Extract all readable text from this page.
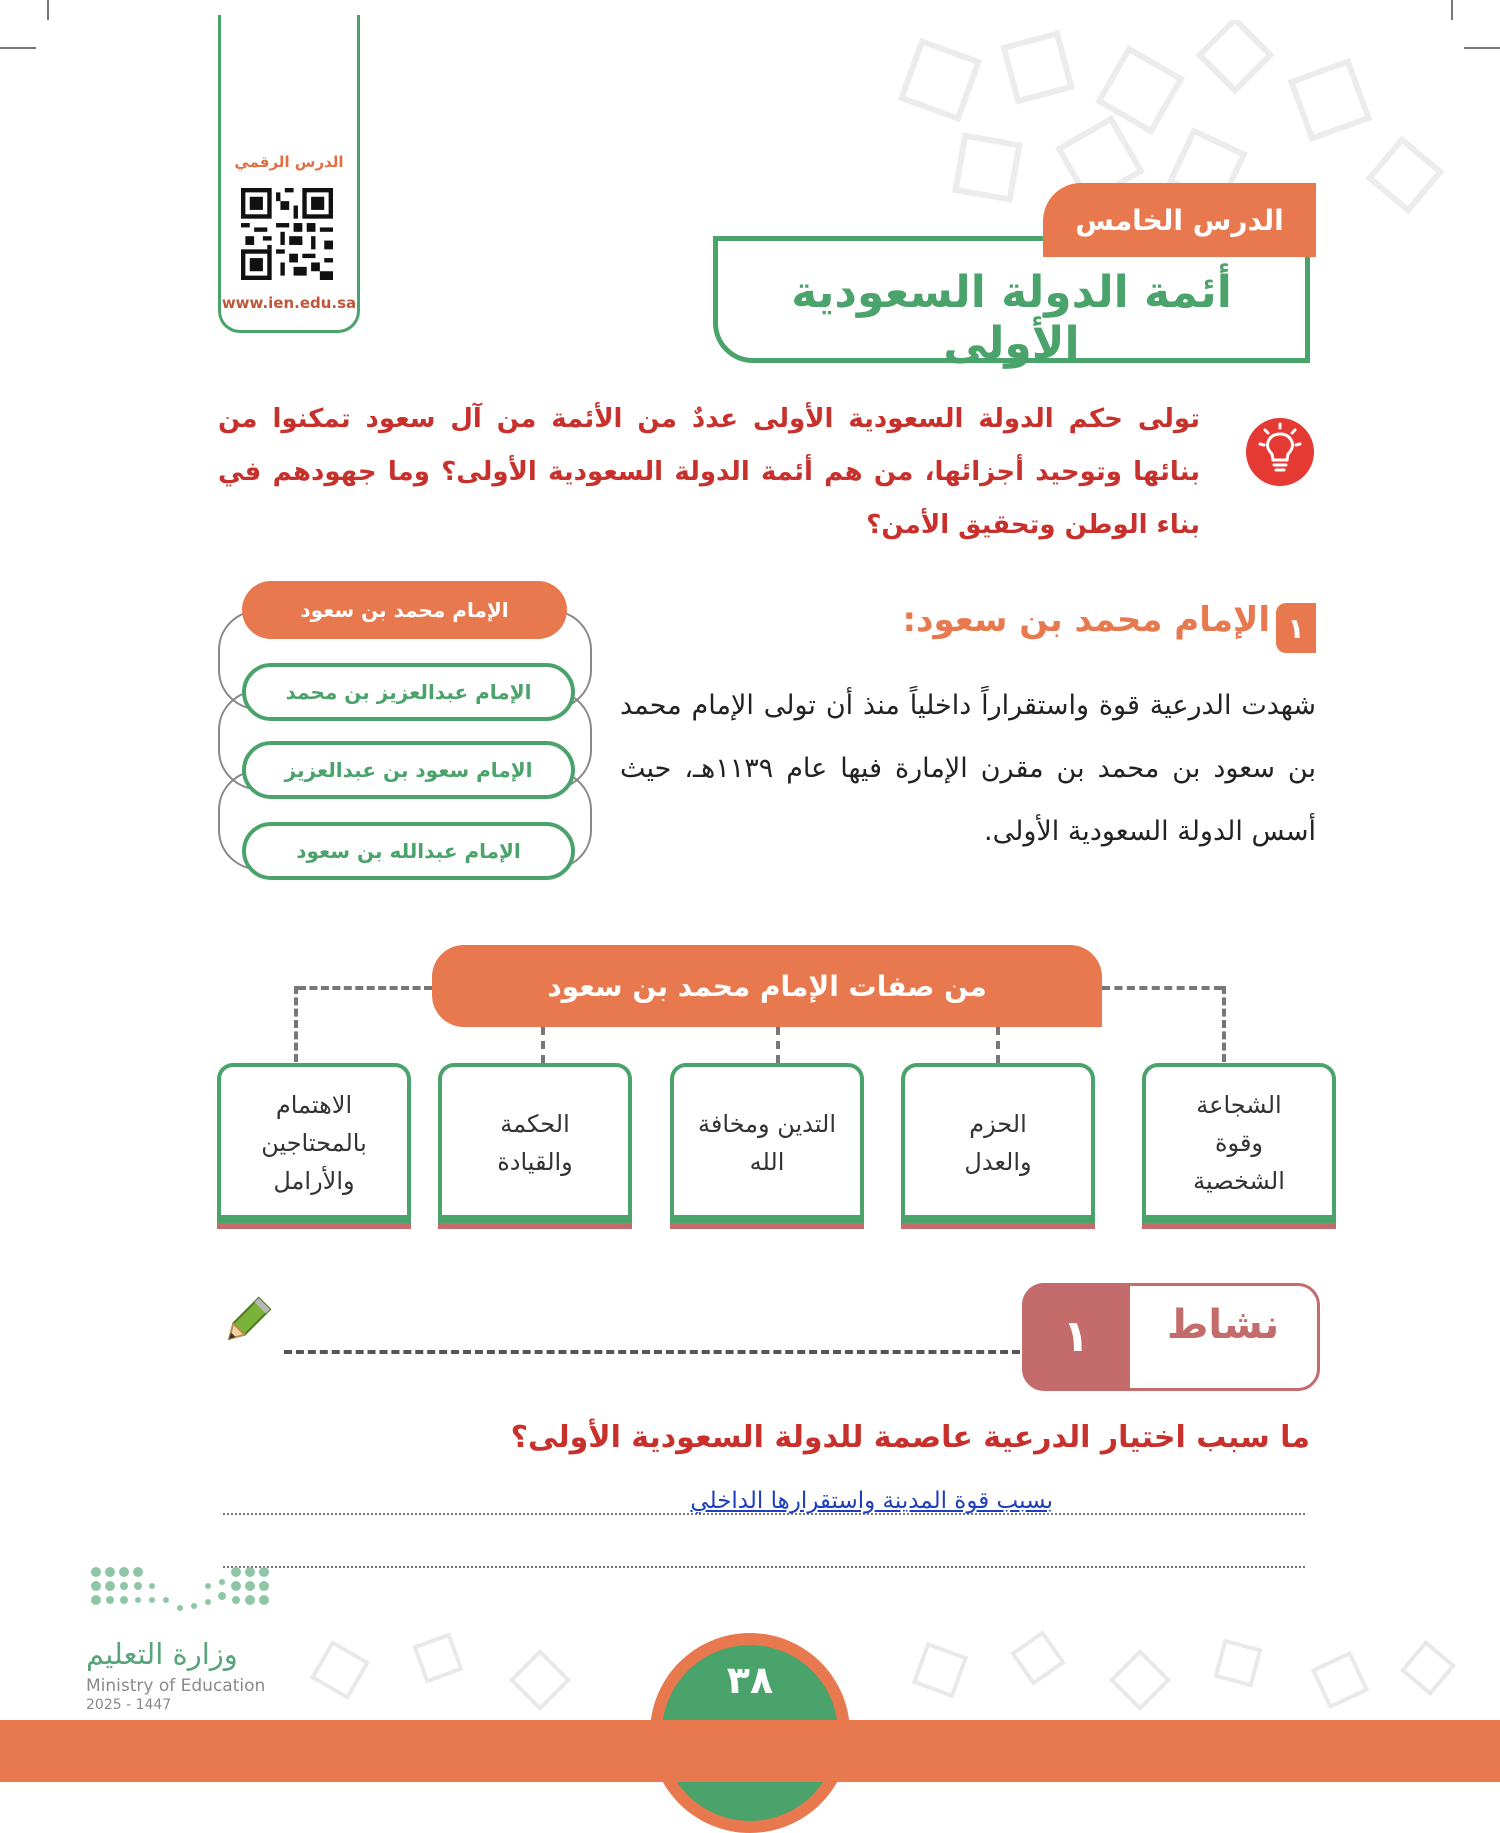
الدرس الرقمي
www.ien.edu.sa	أئمة الدولة السعودية الأولى
الدرس الخامس
تولى حكم الدولة السعودية الأولى عددٌ من الأئمة من آل سعود تمكنوا من بنائها وتوحيد أجزائها، من هم أئمة الدولة السعودية الأولى؟ وما جهودهم في بناء الوطن وتحقيق الأمن؟
١
الإمام محمد بن سعود:
شهدت الدرعية قوة واستقراراً داخلياً منذ أن تولى الإمام محمد بن سعود بن محمد بن مقرن الإمارة فيها عام ١١٣٩هـ، حيث أسس الدولة السعودية الأولى.
الإمام محمد بن سعود
الإمام عبدالعزيز بن محمد
الإمام سعود بن عبدالعزيز
الإمام عبدالله بن سعود
من صفات الإمام محمد بن سعود
الشجاعة وقوة الشخصية
الحزم والعدل
التدين ومخافة الله
الحكمة والقيادة
الاهتمام بالمحتاجين والأرامل
١	نشاط
ما سبب اختيار الدرعية عاصمة للدولة السعودية الأولى؟
بسبب قوة المدينة واستقرارها الداخلي
وزارة التعليم
Ministry of Education
2025 - 1447
٣٨
